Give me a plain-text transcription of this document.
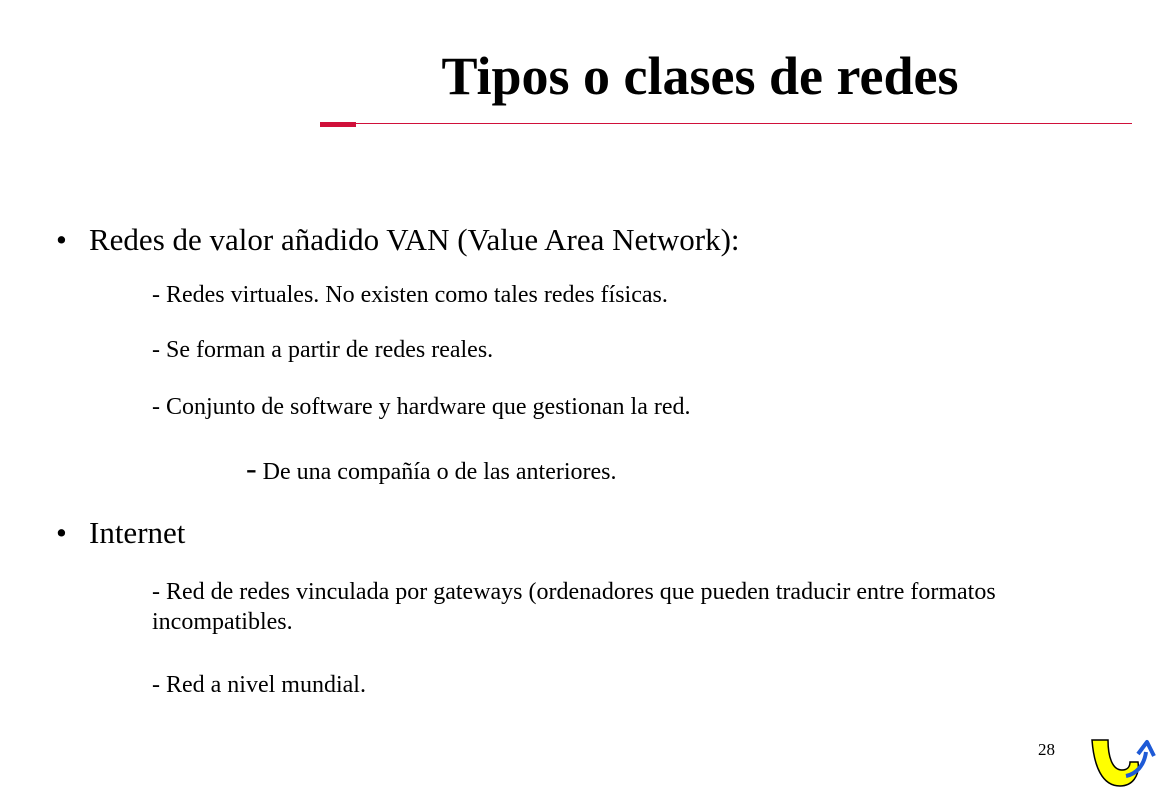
Tipos o clases de redes
• Redes de valor añadido VAN (Value Area Network):
- Redes virtuales. No existen como tales redes físicas.
- Se forman a partir de redes reales.
- Conjunto de software y hardware que gestionan la red.
- De una compañía o de las anteriores.
• Internet
- Red de redes vinculada por gateways (ordenadores que pueden traducir entre formatos incompatibles.
- Red a nivel mundial.
28
